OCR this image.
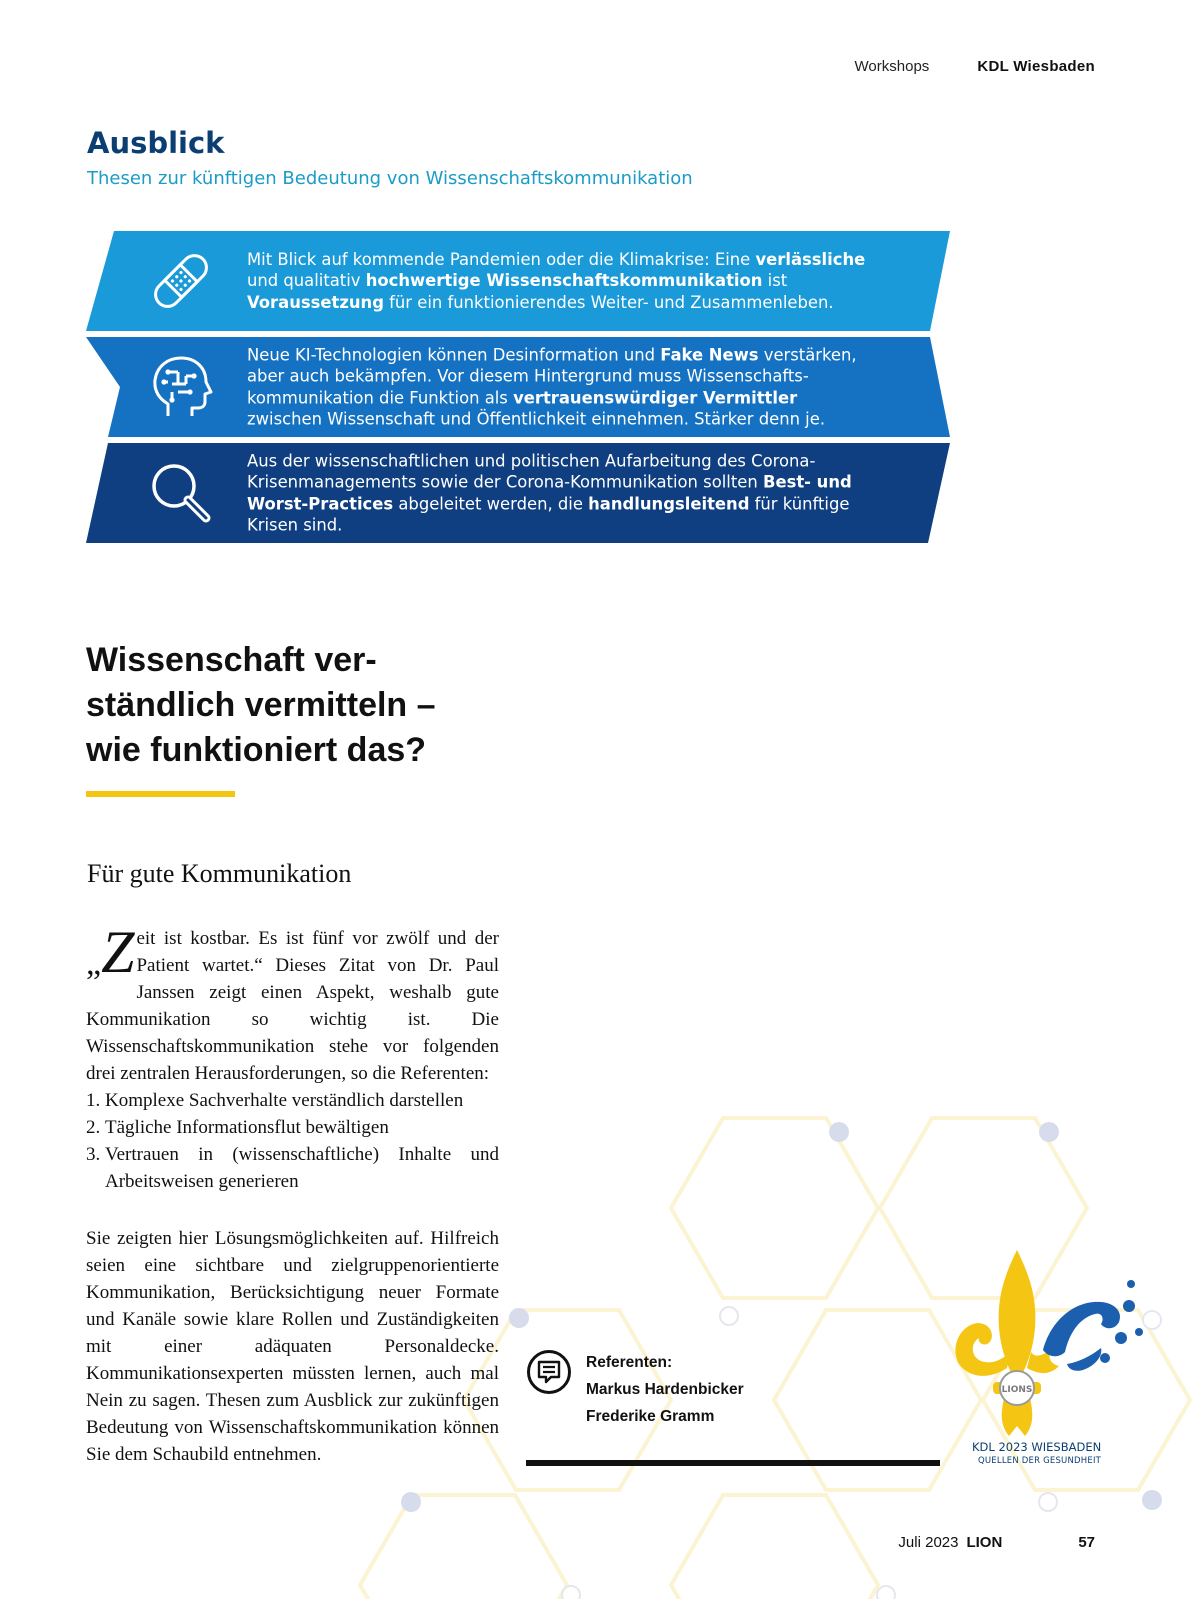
Workshops	KDL Wiesbaden
Ausblick
Thesen zur künftigen Bedeutung von Wissenschaftskommunikation
Mit Blick auf kommende Pandemien oder die Klimakrise: Eine verlässliche
und qualitativ hochwertige Wissenschaftskommunikation ist
Voraussetzung für ein funktionierendes Weiter- und Zusammenleben.
Neue KI-Technologien können Desinformation und Fake News verstärken,
aber auch bekämpfen. Vor diesem Hintergrund muss Wissenschafts-
kommunikation die Funktion als vertrauenswürdiger Vermittler
zwischen Wissenschaft und Öffentlichkeit einnehmen. Stärker denn je.
Aus der wissenschaftlichen und politischen Aufarbeitung des Corona-
Krisenmanagements sowie der Corona-Kommunikation sollten Best- und
Worst-Practices abgeleitet werden, die handlungsleitend für künftige
Krisen sind.
Wissenschaft ver-
ständlich vermitteln –
wie funktioniert das?
Für gute Kommunikation
„Z eit ist kostbar. Es ist fünf vor zwölf und der Patient wartet.“ Dieses Zitat von Dr. Paul Janssen zeigt einen Aspekt, weshalb gute Kommunikation so wichtig ist. Die Wissenschaftskommunikation stehe vor folgenden drei zentralen Herausforderungen, so die Referenten:
1. Komplexe Sachverhalte verständlich darstellen
2. Tägliche Informationsflut bewältigen
3. Vertrauen in (wissenschaftliche) Inhalte und Arbeitsweisen generieren
Sie zeigten hier Lösungsmöglichkeiten auf. Hilfreich seien eine sichtbare und zielgruppenorientierte Kommunikation, Berücksichtigung neuer Formate und Kanäle sowie klare Rollen und Zuständigkeiten mit einer adäquaten Personaldecke. Kommunikationsexperten müssten lernen, auch mal Nein zu sagen. Thesen zum Ausblick zur zukünftigen Bedeutung von Wissenschaftskommunikation können Sie dem Schaubild entnehmen.
Referenten:
Markus Hardenbicker
Frederike Gramm
LIONS
KDL 2023 WIESBADEN
QUELLEN DER GESUNDHEIT
Juli 2023 LION	57
